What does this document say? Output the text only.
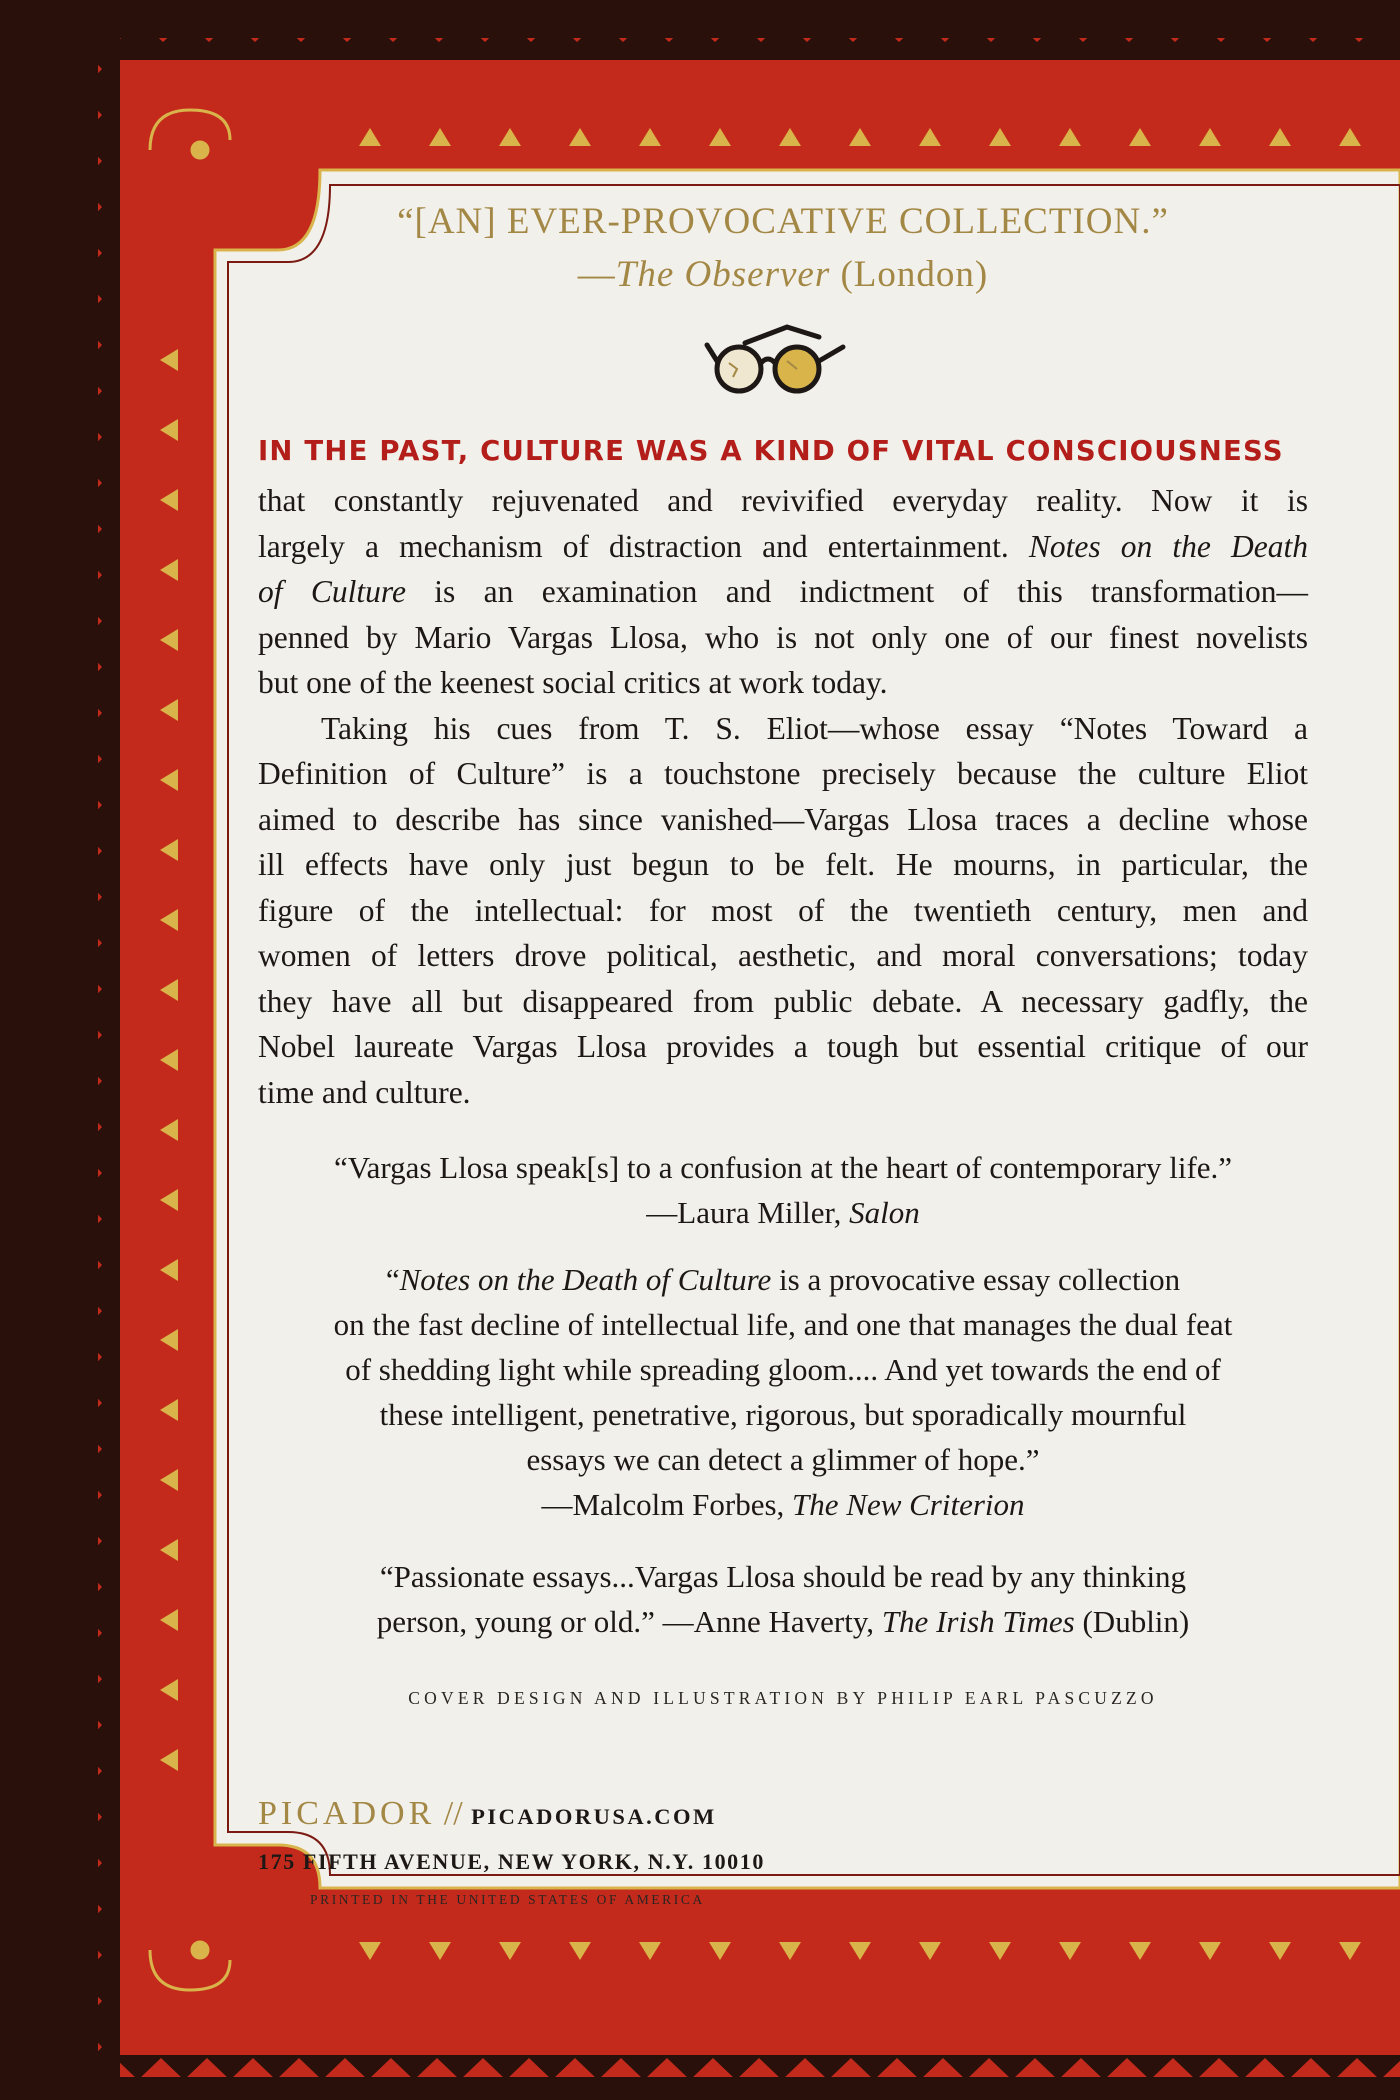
“[AN] EVER-PROVOCATIVE COLLECTION.”
—The Observer (London)
IN THE PAST, CULTURE WAS A KIND OF VITAL CONSCIOUSNESS
that constantly rejuvenated and revivified everyday reality. Now it is
largely a mechanism of distraction and entertainment. Notes on the Death
of Culture is an examination and indictment of this transformation—
penned by Mario Vargas Llosa, who is not only one of our finest novelists
but one of the keenest social critics at work today.
Taking his cues from T. S. Eliot—whose essay “Notes Toward a
Definition of Culture” is a touchstone precisely because the culture Eliot
aimed to describe has since vanished—Vargas Llosa traces a decline whose
ill effects have only just begun to be felt. He mourns, in particular, the
figure of the intellectual: for most of the twentieth century, men and
women of letters drove political, aesthetic, and moral conversations; today
they have all but disappeared from public debate. A necessary gadfly, the
Nobel laureate Vargas Llosa provides a tough but essential critique of our
time and culture.
“Vargas Llosa speak[s] to a confusion at the heart of contemporary life.”
—Laura Miller, Salon
“Notes on the Death of Culture is a provocative essay collection
on the fast decline of intellectual life, and one that manages the dual feat
of shedding light while spreading gloom.... And yet towards the end of
these intelligent, penetrative, rigorous, but sporadically mournful
essays we can detect a glimmer of hope.”
—Malcolm Forbes, The New Criterion
“Passionate essays...Vargas Llosa should be read by any thinking
person, young or old.” —Anne Haverty, The Irish Times (Dublin)
COVER DESIGN AND ILLUSTRATION BY PHILIP EARL PASCUZZO
PICADOR // PICADORUSA.COM
175 FIFTH AVENUE, NEW YORK, N.Y. 10010
PRINTED IN THE UNITED STATES OF AMERICA
